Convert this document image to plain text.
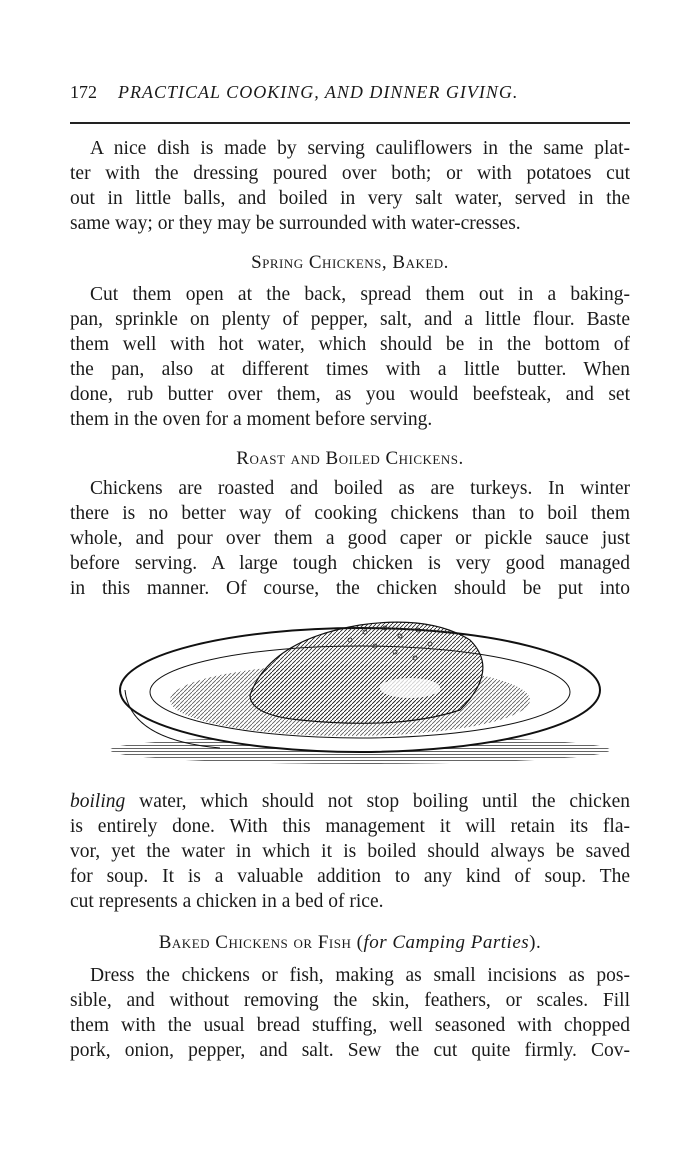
172 PRACTICAL COOKING, AND DINNER GIVING.
A nice dish is made by serving cauliflowers in the same plat-
ter with the dressing poured over both; or with potatoes cut
out in little balls, and boiled in very salt water, served in the
same way; or they may be surrounded with water-cresses.
Spring Chickens, Baked.
Cut them open at the back, spread them out in a baking-
pan, sprinkle on plenty of pepper, salt, and a little flour. Baste
them well with hot water, which should be in the bottom of
the pan, also at different times with a little butter. When
done, rub butter over them, as you would beefsteak, and set
them in the oven for a moment before serving.
Roast and Boiled Chickens.
Chickens are roasted and boiled as are turkeys. In winter
there is no better way of cooking chickens than to boil them
whole, and pour over them a good caper or pickle sauce just
before serving. A large tough chicken is very good managed
in this manner. Of course, the chicken should be put into
boiling water, which should not stop boiling until the chicken
is entirely done. With this management it will retain its fla-
vor, yet the water in which it is boiled should always be saved
for soup. It is a valuable addition to any kind of soup. The
cut represents a chicken in a bed of rice.
Baked Chickens or Fish (for Camping Parties).
Dress the chickens or fish, making as small incisions as pos-
sible, and without removing the skin, feathers, or scales. Fill
them with the usual bread stuffing, well seasoned with chopped
pork, onion, pepper, and salt. Sew the cut quite firmly. Cov-
